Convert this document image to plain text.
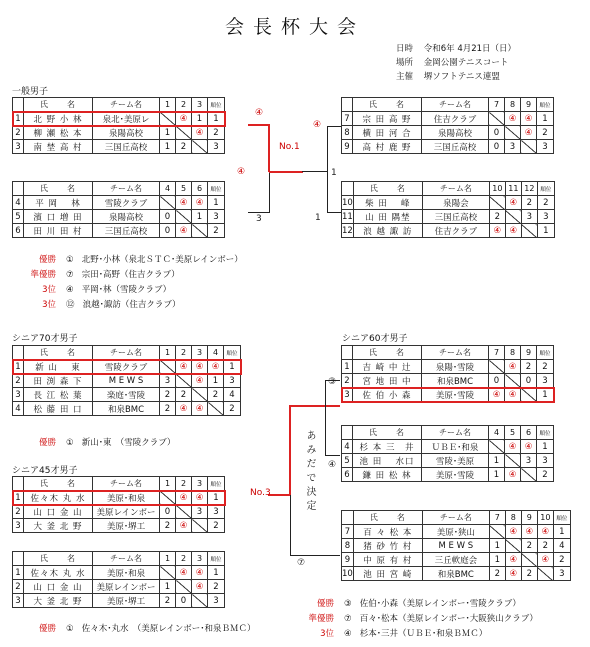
会長杯大会
日時 令和6年 4月21日（日）
場所 金岡公園テニスコート
主催 堺ソフトテニス連盟
一般男子
シニア70才男子	シニア60才男子
シニア45才男子
	氏　　名	チーム名	1	2	3	順位
1	北 野 小 林	泉北･美原レ		④	1	1
2	柳 瀬 松 本	泉陽高校	1		④	2
3	南 埜 高 村	三国丘高校	1	2		3
	氏　　名	チーム名	4	5	6	順位
4	平 岡　 林	雪陵クラブ		④	④	1
5	濱 口 増 田	泉陽高校	0		1	3
6	田 川 田 村	三国丘高校	0	④		2
	氏　　名	チーム名	7	8	9	順位
7	宗 田 高 野	住吉クラブ		④	④	1
8	横 田 河 合	泉陽高校	0		④	2
9	高 村 鹿 野	三国丘高校	0	3		3
	氏　　名	チーム名	10	11	12	順位
10	柴 田　 峰	泉陽会		④	2	2
11	山 田 隅埜	三国丘高校	2		3	3
12	浪 越 諏 訪	住吉クラブ	④	④		1
	氏　　名	チーム名	1	2	3	4	順位
1	新 山　 東	雪陵クラブ		④	④	④	1
2	田 渕 森 下	M E W S	3		④	1	3
3	長 江 松 葉	楽庭･雪陵	2	2		2	4
4	松 藤 田 口	和泉BMC	2	④	④		2
	氏　　名	チーム名	7	8	9	順位
1	吉 崎 中 辻	泉陽･雪陵		④	2	2
2	宮 地 田 中	和泉BMC	0		0	3
3	佐 伯 小 森	美原･雪陵	④	④		1
	氏　　名	チーム名	4	5	6	順位
4	杉 本 三　井	ＵＢＥ･和泉		④	④	1
5	池 田　 水口	雪陵･美原	1		3	3
6	鎌 田 松 林	美原･雪陵	1	④		2
	氏　　名	チーム名	7	8	9	10	順位
7	百 々 松 本	美原･狭山		④	④	④	1
8	猪 砂 竹 村	M E W S	1		2	2	4
9	中 原 有 村	三丘軟庭会	1	④		④	2
10	池 田 宮 崎	和泉BMC	2	④	2		3
	氏　　名	チーム名	1	2	3	順位
1	佐々木 丸 水	美原･和泉		④	④	1
2	山 口 金 山	美原レインボー	0		3	3
3	大 釜 北 野	美原･堺工	2	④		2
	氏　　名	チーム名	1	2	3	順位
1	佐々木 丸 水	美原･和泉		④	④	1
2	山 口 金 山	美原レインボー	1		④	2
3	大 釜 北 野	美原･堺工	2	0		3
④
④
No.1
④
1
3	1
No.3
③
④
⑦
あみだで決定
優勝 ① 北野･小林（泉北ＳＴＣ･美原レインボー）
準優勝 ⑦ 宗田･高野（住吉クラブ）
3位 ④ 平岡･林（雪陵クラブ）
3位 ⑫ 浪越･諏訪（住吉クラブ）
優勝 ① 新山･東　（雪陵クラブ）
優勝 ① 佐々木･丸水　（美原レインボー･和泉ＢＭＣ）
優勝 ③ 佐伯･小森（美原レインボー･雪陵クラブ）
準優勝 ⑦ 百々･松本（美原レインボー･大阪狭山クラブ）
3位 ④ 杉本･三井（ＵＢＥ･和泉ＢＭＣ）
